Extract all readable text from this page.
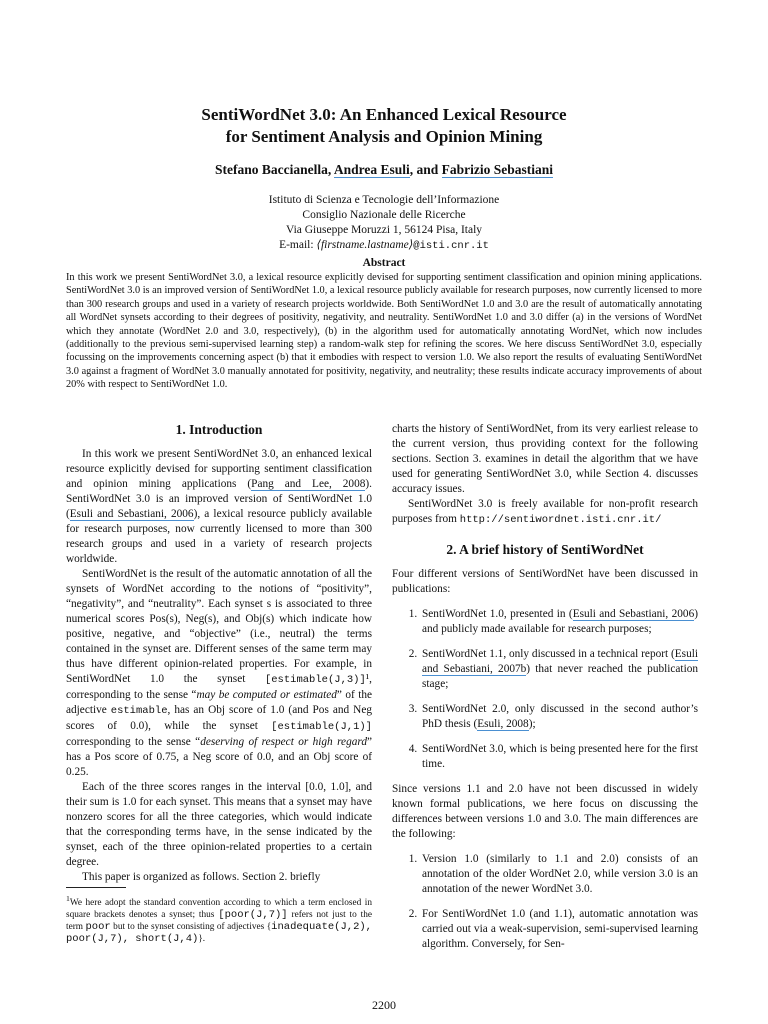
SentiWordNet 3.0: An Enhanced Lexical Resource
for Sentiment Analysis and Opinion Mining
Stefano Baccianella, Andrea Esuli, and Fabrizio Sebastiani
Istituto di Scienza e Tecnologie dell’Informazione
Consiglio Nazionale delle Ricerche
Via Giuseppe Moruzzi 1, 56124 Pisa, Italy
E-mail: ⟨firstname.lastname⟩@isti.cnr.it
Abstract
In this work we present SentiWordNet 3.0, a lexical resource explicitly devised for supporting sentiment classification and opinion mining applications. SentiWordNet 3.0 is an improved version of SentiWordNet 1.0, a lexical resource publicly available for research purposes, now currently licensed to more than 300 research groups and used in a variety of research projects worldwide. Both SentiWordNet 1.0 and 3.0 are the result of automatically annotating all WordNet synsets according to their degrees of positivity, negativity, and neutrality. SentiWordNet 1.0 and 3.0 differ (a) in the versions of WordNet which they annotate (WordNet 2.0 and 3.0, respectively), (b) in the algorithm used for automatically annotating WordNet, which now includes (additionally to the previous semi-supervised learning step) a random-walk step for refining the scores. We here discuss SentiWordNet 3.0, especially focussing on the improvements concerning aspect (b) that it embodies with respect to version 1.0. We also report the results of evaluating SentiWordNet 3.0 against a fragment of WordNet 3.0 manually annotated for positivity, negativity, and neutrality; these results indicate accuracy improvements of about 20% with respect to SentiWordNet 1.0.
1. Introduction

In this work we present SentiWordNet 3.0, an enhanced lexical resource explicitly devised for supporting sentiment classification and opinion mining applications (Pang and Lee, 2008). SentiWordNet 3.0 is an improved version of SentiWordNet 1.0 (Esuli and Sebastiani, 2006), a lexical resource publicly available for research purposes, now currently licensed to more than 300 research groups and used in a variety of research projects worldwide.

SentiWordNet is the result of the automatic annotation of all the synsets of WordNet according to the notions of “positivity”, “negativity”, and “neutrality”. Each synset s is associated to three numerical scores Pos(s), Neg(s), and Obj(s) which indicate how positive, negative, and “objective” (i.e., neutral) the terms contained in the synset are. Different senses of the same term may thus have different opinion-related properties. For example, in SentiWordNet 1.0 the synset [estimable(J,3)]¹, corresponding to the sense “may be computed or estimated” of the adjective estimable, has an Obj score of 1.0 (and Pos and Neg scores of 0.0), while the synset [estimable(J,1)] corresponding to the sense “deserving of respect or high regard” has a Pos score of 0.75, a Neg score of 0.0, and an Obj score of 0.25.

Each of the three scores ranges in the interval [0.0, 1.0], and their sum is 1.0 for each synset. This means that a synset may have nonzero scores for all the three categories, which would indicate that the corresponding terms have, in the sense indicated by the synset, each of the three opinion-related properties to a certain degree.

This paper is organized as follows. Section 2. briefly

charts the history of SentiWordNet, from its very earliest release to the current version, thus providing context for the following sections. Section 3. examines in detail the algorithm that we have used for generating SentiWordNet 3.0, while Section 4. discusses accuracy issues.

SentiWordNet 3.0 is freely available for non-profit research purposes from http://sentiwordnet.isti.cnr.it/

2. A brief history of SentiWordNet

Four different versions of SentiWordNet have been discussed in publications:

1. SentiWordNet 1.0, presented in (Esuli and Sebastiani, 2006) and publicly made available for research purposes;
2. SentiWordNet 1.1, only discussed in a technical report (Esuli and Sebastiani, 2007b) that never reached the publication stage;
3. SentiWordNet 2.0, only discussed in the second author’s PhD thesis (Esuli, 2008);
4. SentiWordNet 3.0, which is being presented here for the first time.

Since versions 1.1 and 2.0 have not been discussed in widely known formal publications, we here focus on discussing the differences between versions 1.0 and 3.0. The main differences are the following:

1. Version 1.0 (similarly to 1.1 and 2.0) consists of an annotation of the older WordNet 2.0, while version 3.0 is an annotation of the newer WordNet 3.0.
2. For SentiWordNet 1.0 (and 1.1), automatic annotation was carried out via a weak-supervision, semi-supervised learning algorithm. Conversely, for Sen-
$^1$We here adopt the standard convention according to which a term enclosed in square brackets denotes a synset; thus [poor(J,7)] refers not just to the term poor but to the synset consisting of adjectives {inadequate(J,2), poor(J,7), short(J,4)}.
2200
